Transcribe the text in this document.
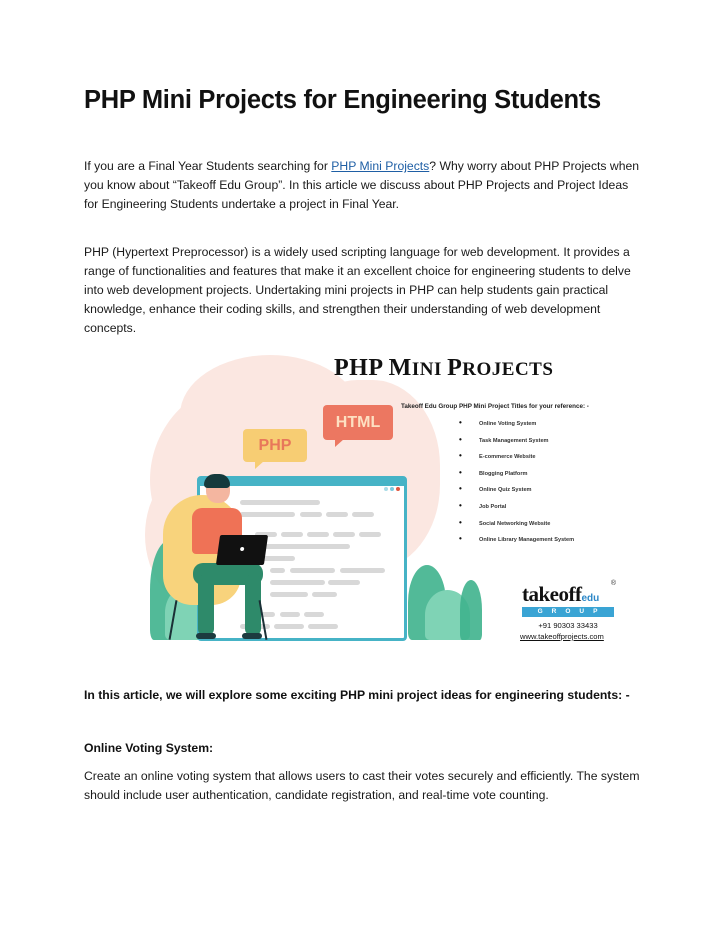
PHP Mini Projects for Engineering Students

If you are a Final Year Students searching for PHP Mini Projects? Why worry about PHP Projects when you know about “Takeoff Edu Group”. In this article we discuss about PHP Projects and Project Ideas for Engineering Students undertake a project in Final Year.

PHP (Hypertext Preprocessor) is a widely used scripting language for web development. It provides a range of functionalities and features that make it an excellent choice for engineering students to delve into web development projects. Undertaking mini projects in PHP can help students gain practical knowledge, enhance their coding skills, and strengthen their understanding of web development concepts.

PHP MINI PROJECTS
Takeoff Edu Group PHP Mini Project Titles for your reference: -
• Online Voting System
• Task Management System
• E-commerce Website
• Blogging Platform
• Online Quiz System
• Job Portal
• Social Networking Website
• Online Library Management System
HTML
PHP
takeoffedu
®
GROUP
+91 90303 33433
www.takeoffprojects.com

In this article, we will explore some exciting PHP mini project ideas for engineering students: -

Online Voting System:

Create an online voting system that allows users to cast their votes securely and efficiently. The system should include user authentication, candidate registration, and real-time vote counting.
